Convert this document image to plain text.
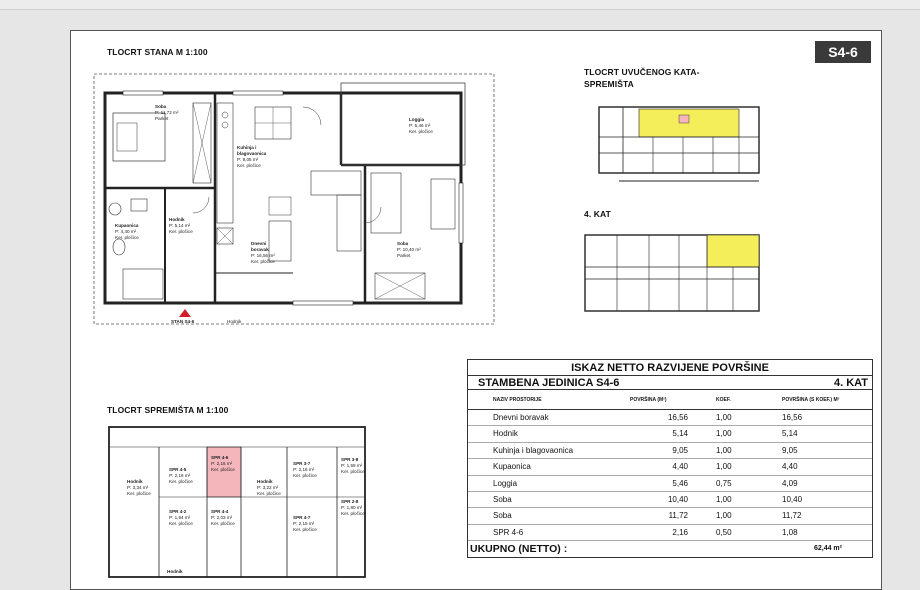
S4-6
TLOCRT STANA M 1:100
TLOCRT SPREMIŠTA M 1:100
TLOCRT UVUČENOG KATA-
SPREMIŠTA
4. KAT
Soba P: 11,72 m² Parket
Kuhinja i blagovaonica P: 9,05 m² Ker. pločice
Loggia P: 5,46 m² Ker. pločice
Kupaonica P: 4,40 m² Ker. pločice
Hodnik P: 5,14 m² Ker. pločice
Dnevni boravak P: 16,56 m² Ker. pločice
Soba P: 10,40 m² Parket
STAN S4-6	Hodnik
Hodnik P: 3,34 m² Ker. pločice
SPR 4-5 P: 2,16 m² Ker. pločice
SPR 4-6 P: 2,16 m² Ker. pločice
Hodnik P: 3,22 m² Ker. pločice
SPR 3-7 P: 2,16 m² Ker. pločice
SPR 3-8 P: 1,59 m² Ker. pločice
SPR 4-2 P: 1,94 m² Ker. pločice
SPR 4-4 P: 2,03 m² Ker. pločice
SPR 4-7 P: 2,15 m² Ker. pločice
SPR 2-8 P: 1,80 m² Ker. pločice
Hodnik
ISKAZ NETTO RAZVIJENE POVRŠINE
STAMBENA JEDINICA S4-6	4. KAT
NAZIV PROSTORIJE	POVRŠINA (M²)	KOEF.	POVRŠINA (S KOEF.) M²
Dnevni boravak	16,56	1,00	16,56
Hodnik	5,14	1,00	5,14
Kuhinja i blagovaonica	9,05	1,00	9,05
Kupaonica	4,40	1,00	4,40
Loggia	5,46	0,75	4,09
Soba	10,40	1,00	10,40
Soba	11,72	1,00	11,72
SPR 4-6	2,16	0,50	1,08
UKUPNO (NETTO) :	62,44 m²
